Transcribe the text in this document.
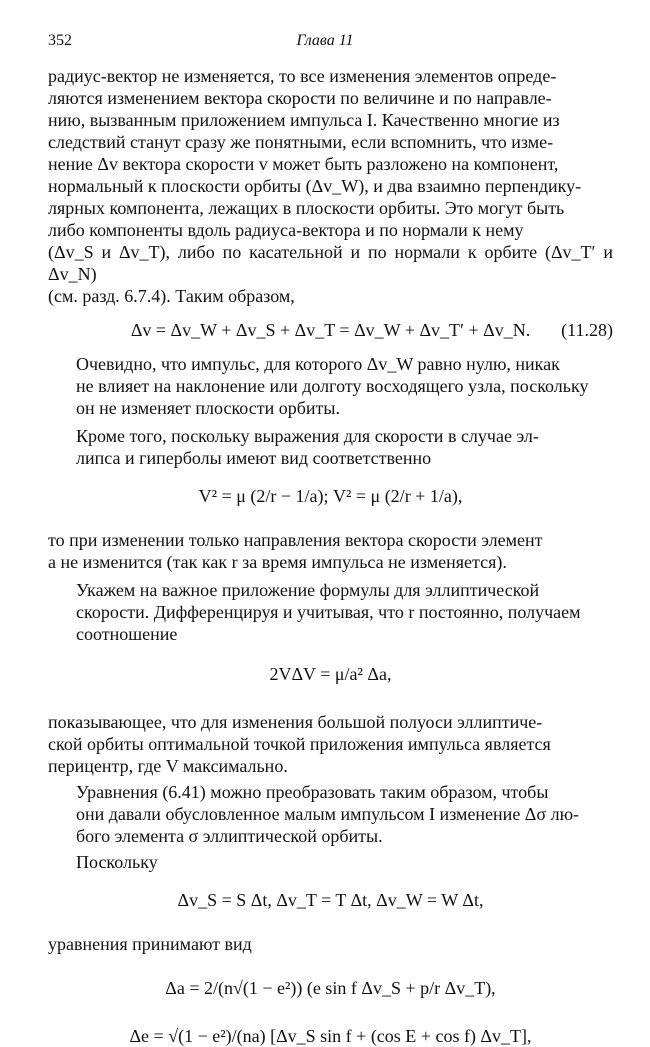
352	Глава 11

радиус-вектор не изменяется, то все изменения элементов опреде-
ляются изменением вектора скорости по величине и по направле-
нию, вызванным приложением импульса I. Качественно многие из
следствий станут сразу же понятными, если вспомнить, что изме-
нение Δv вектора скорости v может быть разложено на компонент,
нормальный к плоскости орбиты (Δv_W), и два взаимно перпендику-
лярных компонента, лежащих в плоскости орбиты. Это могут быть
либо компоненты вдоль радиуса-вектора и по нормали к нему
(Δv_S и Δv_T), либо по касательной и по нормали к орбите (Δv_T′ и Δv_N)
(см. разд. 6.7.4). Таким образом,

Δv = Δv_W + Δv_S + Δv_T = Δv_W + Δv_T′ + Δv_N. (11.28)

Очевидно, что импульс, для которого Δv_W равно нулю, никак
не влияет на наклонение или долготу восходящего узла, поскольку
он не изменяет плоскости орбиты.

Кроме того, поскольку выражения для скорости в случае эл-
липса и гиперболы имеют вид соответственно

V² = μ (2/r − 1/a); V² = μ (2/r + 1/a),

то при изменении только направления вектора скорости элемент
a не изменится (так как r за время импульса не изменяется).

Укажем на важное приложение формулы для эллиптической
скорости. Дифференцируя и учитывая, что r постоянно, получаем
соотношение

2VΔV = μ/a² Δa,

показывающее, что для изменения большой полуоси эллиптиче-
ской орбиты оптимальной точкой приложения импульса является
перицентр, где V максимально.

Уравнения (6.41) можно преобразовать таким образом, чтобы
они давали обусловленное малым импульсом I изменение Δσ лю-
бого элемента σ эллиптической орбиты.

Поскольку

Δv_S = S Δt, Δv_T = T Δt, Δv_W = W Δt,

уравнения принимают вид

Δa = 2/(n√(1 − e²)) (e sin f Δv_S + p/r Δv_T),
Δe = √(1 − e²)/(na) [Δv_S sin f + (cos E + cos f) Δv_T],
